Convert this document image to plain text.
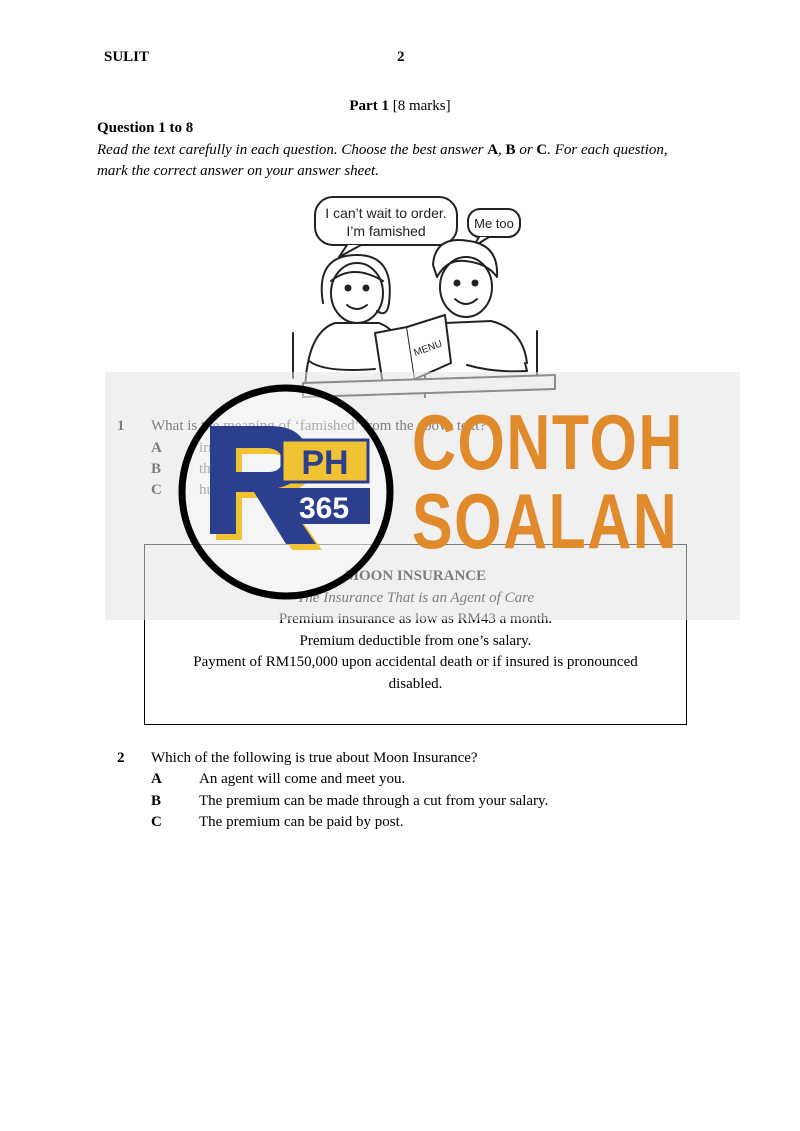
SULIT	2
Part 1 [8 marks]
Question 1 to 8
Read the text carefully in each question. Choose the best answer A, B or C. For each question, mark the correct answer on your answer sheet.
I can’t wait to order.
I’m famished	Me too
MENU
Premium deductible from one’s salary.
Payment of RM150,000 upon accidental death or if insured is pronounced
disabled.
PH
365
CONTOH
SOALAN
2 Which of the following is true about Moon Insurance?
A An agent will come and meet you.
B	The premium can be made through a cut from your salary.
C The premium can be paid by post.
